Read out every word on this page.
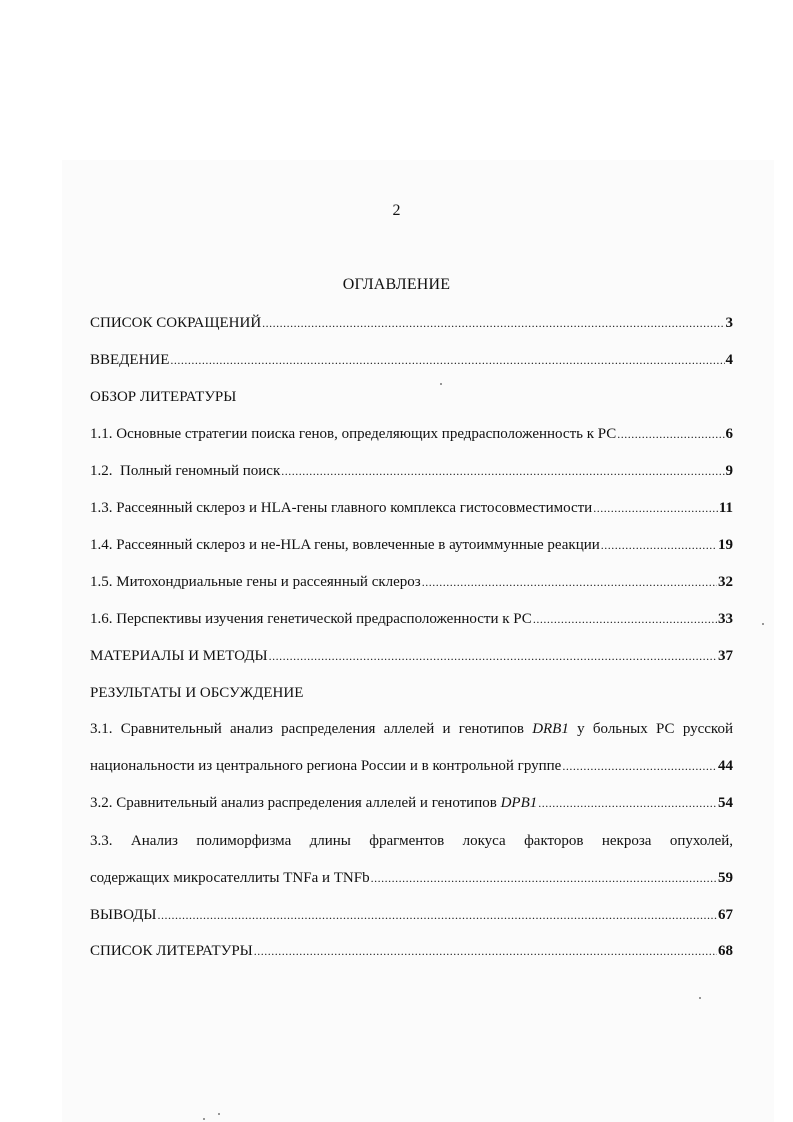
2
ОГЛАВЛЕНИЕ
СПИСОК СОКРАЩЕНИЙ .....	3
ВВЕДЕНИЕ .....	4
ОБЗОР ЛИТЕРАТУРЫ
1.1. Основные стратегии поиска генов, определяющих предрасположенность к РС .....	6
1.2.  Полный геномный поиск .....	9
1.3. Рассеянный склероз и HLA-гены главного комплекса гистосовместимости .....	11
1.4. Рассеянный склероз и не-HLA гены, вовлеченные в аутоиммунные реакции .....	19
1.5. Митохондриальные гены и рассеянный склероз .....	32
1.6. Перспективы изучения генетической предрасположенности к РС .....	33
МАТЕРИАЛЫ И МЕТОДЫ .....	37
РЕЗУЛЬТАТЫ И ОБСУЖДЕНИЕ
3.1. Сравнительный анализ распределения аллелей и генотипов DRB1 у больных РС русской
национальности из центрального региона России и в контрольной группе .....	44
3.2. Сравнительный анализ распределения аллелей и генотипов DPB1 .....	54
3.3. Анализ полиморфизма длины фрагментов локуса факторов некроза опухолей,
содержащих микросателлиты TNFa и TNFb .....	59
ВЫВОДЫ .....	67
СПИСОК ЛИТЕРАТУРЫ .....	68
